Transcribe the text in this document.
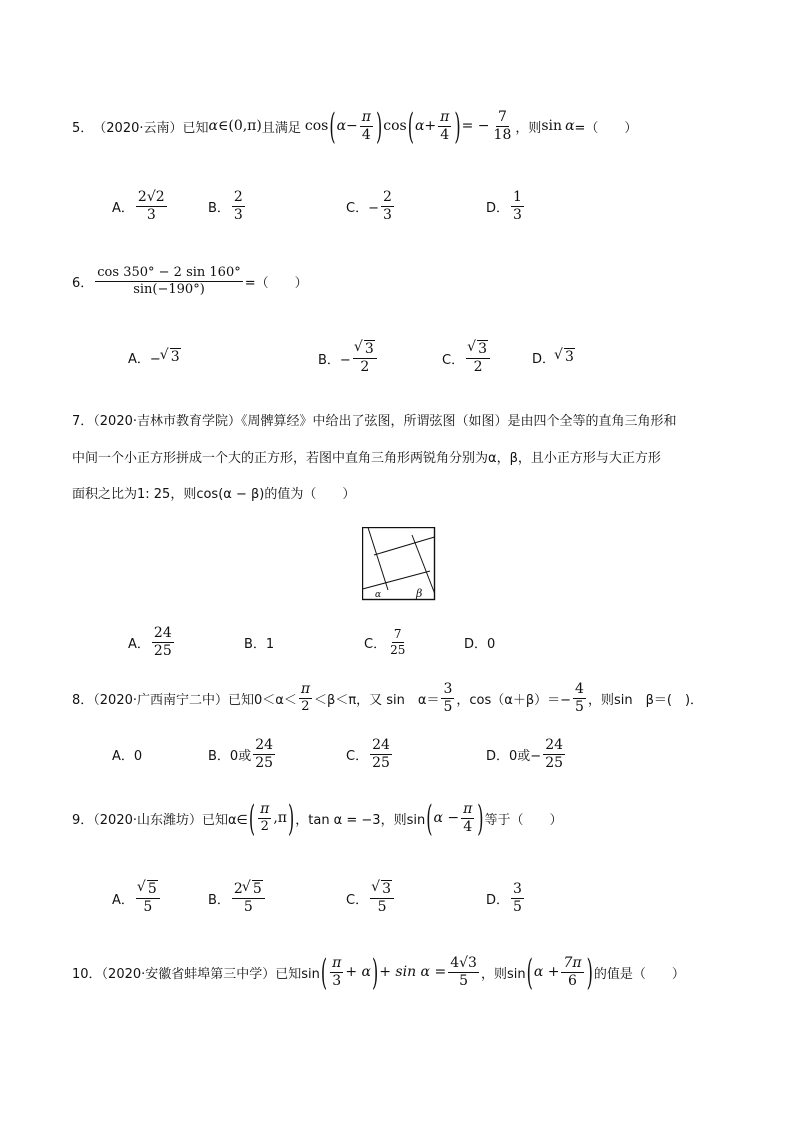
5． （2020·云南） 已知 α ∈ (0,π) 且满足 cos ( $\alpha - \frac{\pi}{4}$ ) cos ( $\alpha + \frac{\pi}{4}$ ) = − $\frac{7}{18}$ ，则 sin α =（　　）
A． $\frac{2√2}{3}$	B． $\frac{2}{3}$	C．− $\frac{2}{3}$	D． $\frac{1}{3}$
6． $\frac{\cos 350^\circ - 2 \sin 160^\circ}{\sin(-190^\circ)}$ =（　　）
A．− √ 3	B．− √ $\frac{3}{2}$	C． √ $\frac{3}{2}$	D． √ 3
7．（2020·吉林市教育学院）《周髀算经》中给出了弦图，所谓弦图（如图）是由四个全等的直角三角形和
中间一个小正方形拼成一个大的正方形，若图中直角三角形两锐角分别为α，β，且小正方形与大正方形
面积之比为1: 25，则cos(α − β)的值为（　　）
α	β
A． $\frac{24}{25}$	B．1	C． $\frac{7}{25}$	D．0
8．（2020·广西南宁二中）已知$0<\alpha< \frac{\pi}{2} <\beta<\pi$，又 sin　$\alpha= \frac{3}{5}$ ，$\cos(\alpha+\beta)=- \frac{4}{5}$ ，则sin　β＝(　)．
A．0	B．0或 $\frac{24}{25}$	C． $\frac{24}{25}$	D．0或− $\frac{24}{25}$
9．（2020·山东潍坊）已知α∈ ( $\frac{\pi}{2} ,\pi$ ) ，tan α = −3，则sin ( $\alpha - \frac{\pi}{4}$ ) 等于（　　）
A． √ $\frac{5}{5}$	B． $\frac{2 √ 5}{5}$	C． √ $\frac{3}{5}$	D． $\frac{3}{5}$
10．（2020·安徽省蚌埠第三中学）已知sin ( $\frac{\pi}{3} + \alpha$ ) + $\sin \alpha = \frac{4√3}{5}$ ，则sin ( $\alpha + \frac{7\pi}{6}$ ) 的值是（　　）
